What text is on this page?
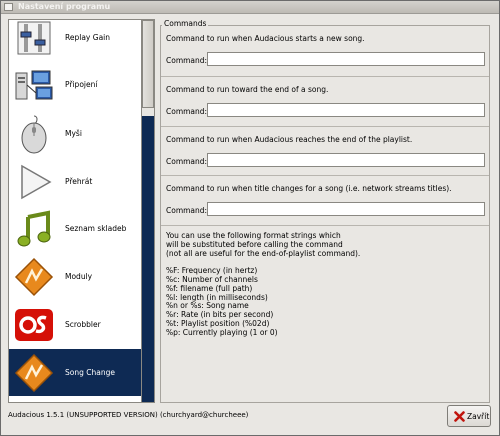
Nastavení programu
Replay Gain
Připojení
Myši
Přehrát
Seznam skladeb
Moduly
Scrobbler
Song Change
Commands
Command to run when Audacious starts a new song.
Command:
Command to run toward the end of a song.
Command:
Command to run when Audacious reaches the end of the playlist.
Command:
Command to run when title changes for a song (i.e. network streams titles).
Command:
You can use the following format strings which
will be substituted before calling the command
(not all are useful for the end-of-playlist command).
%F: Frequency (in hertz)
%c: Number of channels
%f: filename (full path)
%l: length (in milliseconds)
%n or %s: Song name
%r: Rate (in bits per second)
%t: Playlist position (%02d)
%p: Currently playing (1 or 0)
Audacious 1.5.1 (UNSUPPORTED VERSION) (churchyard@churcheee)	Zavřít
